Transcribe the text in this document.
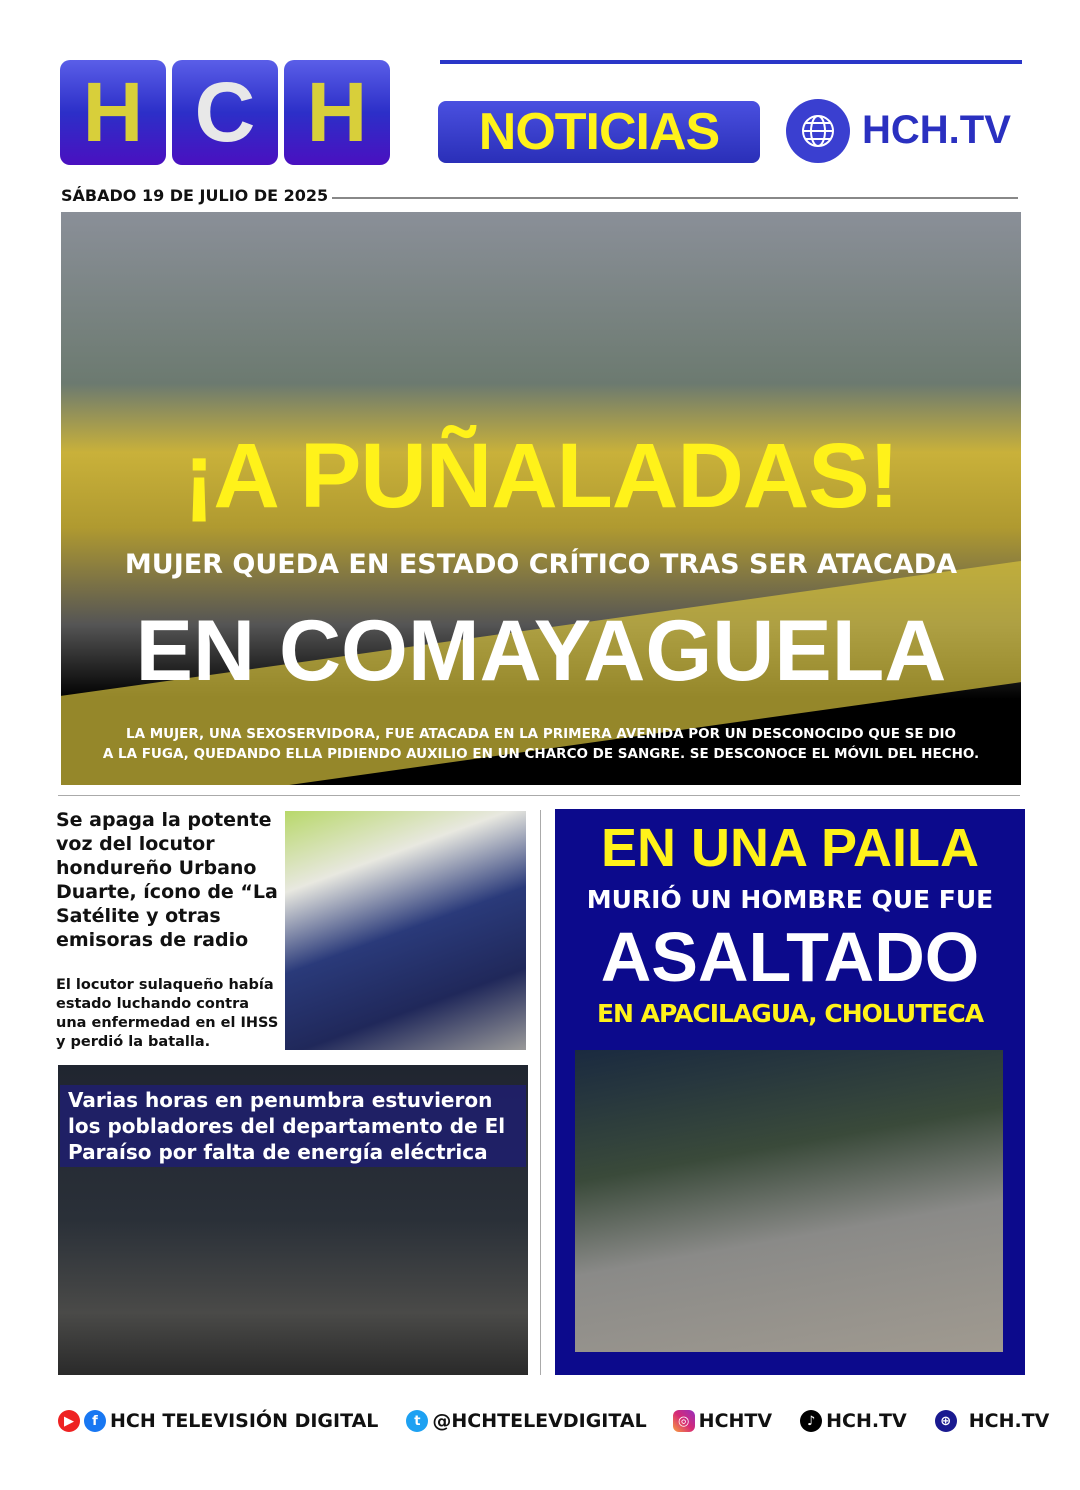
H C H	NOTICIAS	HCH.TV
SÁBADO 19 DE JULIO DE 2025
¡A PUÑALADAS!
MUJER QUEDA EN ESTADO CRÍTICO TRAS SER ATACADA
EN COMAYAGUELA
LA MUJER, UNA SEXOSERVIDORA, FUE ATACADA EN LA PRIMERA AVENIDA POR UN DESCONOCIDO QUE SE DIO
A LA FUGA, QUEDANDO ELLA PIDIENDO AUXILIO EN UN CHARCO DE SANGRE. SE DESCONOCE EL MÓVIL DEL HECHO.
Se apaga la potente voz del locutor hondureño Urbano Duarte, ícono de “La Satélite y otras emisoras de radio
El locutor sulaqueño había estado luchando contra una enfermedad en el IHSS y perdió la batalla.
Varias horas en penumbra estuvieron los pobladores del departamento de El Paraíso por falta de energía eléctrica
EN UNA PAILA
MURIÓ UN HOMBRE QUE FUE
ASALTADO
EN APACILAGUA, CHOLUTECA
▶	f HCH TELEVISIÓN DIGITAL	t @HCHTELEVDIGITAL	◎ HCHTV	♪ HCH.TV	⊕ HCH.TV
